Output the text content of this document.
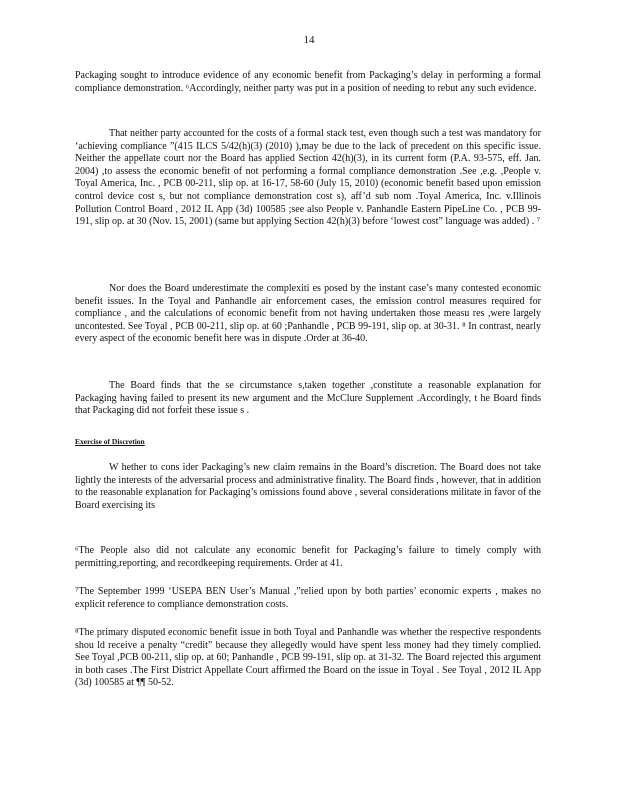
14

Packaging sought to introduce evidence of any economic benefit from Packaging’s delay in performing a formal compliance demonstration. ⁶Accordingly, neither party was put in a position of needing to rebut any such evidence.

That neither party accounted for the costs of a formal stack test, even though such a test was mandatory for ‘achieving compliance ”(415 ILCS 5/42(h)(3) (2010) ),may be due to the lack of precedent on this specific issue. Neither the appellate court nor the Board has applied Section 42(h)(3), in its current form (P.A. 93-575, eff. Jan. 2004) ,to assess the economic benefit of not performing a formal compliance demonstration .See ,e.g. ,People v. Toyal America, Inc. , PCB 00-211, slip op. at 16-17, 58-60 (July 15, 2010) (economic benefit based upon emission control device cost s, but not compliance demonstration cost s), aff’d sub nom .Toyal America, Inc. v.Illinois Pollution Control Board , 2012 IL App (3d) 100585 ;see also People v. Panhandle Eastern PipeLine Co. , PCB 99-191, slip op. at 30 (Nov. 15, 2001) (same but applying Section 42(h)(3) before ‘lowest cost” language was added) . ⁷

Nor does the Board underestimate the complexiti es posed by the instant case’s many contested economic benefit issues. In the Toyal and Panhandle air enforcement cases, the emission control measures required for compliance , and the calculations of economic benefit from not having undertaken those measu res ,were largely uncontested. See Toyal , PCB 00-211, slip op. at 60 ;Panhandle , PCB 99-191, slip op. at 30-31. ⁸ In contrast, nearly every aspect of the economic benefit here was in dispute .Order at 36-40.

The Board finds that the se circumstance s,taken together ,constitute a reasonable explanation for Packaging having failed to present its new argument and the McClure Supplement .Accordingly, t he Board finds that Packaging did not forfeit these issue s .

Exercise of Discretion

W hether to cons ider Packaging’s new claim remains in the Board’s discretion. The Board does not take lightly the interests of the adversarial process and administrative finality. The Board finds , however, that in addition to the reasonable explanation for Packaging’s omissions found above , several considerations militate in favor of the Board exercising its

⁶The People also did not calculate any economic benefit for Packaging’s failure to timely comply with permitting,reporting, and recordkeeping requirements. Order at 41.

⁷The September 1999 ‘USEPA BEN User’s Manual ,”relied upon by both parties’ economic experts , makes no explicit reference to compliance demonstration costs.

⁸The primary disputed economic benefit issue in both Toyal and Panhandle was whether the respective respondents shou ld receive a penalty “credit” because they allegedly would have spent less money had they timely complied. See Toyal ,PCB 00-211, slip op. at 60; Panhandle , PCB 99-191, slip op. at 31-32. The Board rejected this argument in both cases .The First District Appellate Court affirmed the Board on the issue in Toyal . See Toyal , 2012 IL App (3d) 100585 at ¶¶ 50-52.
